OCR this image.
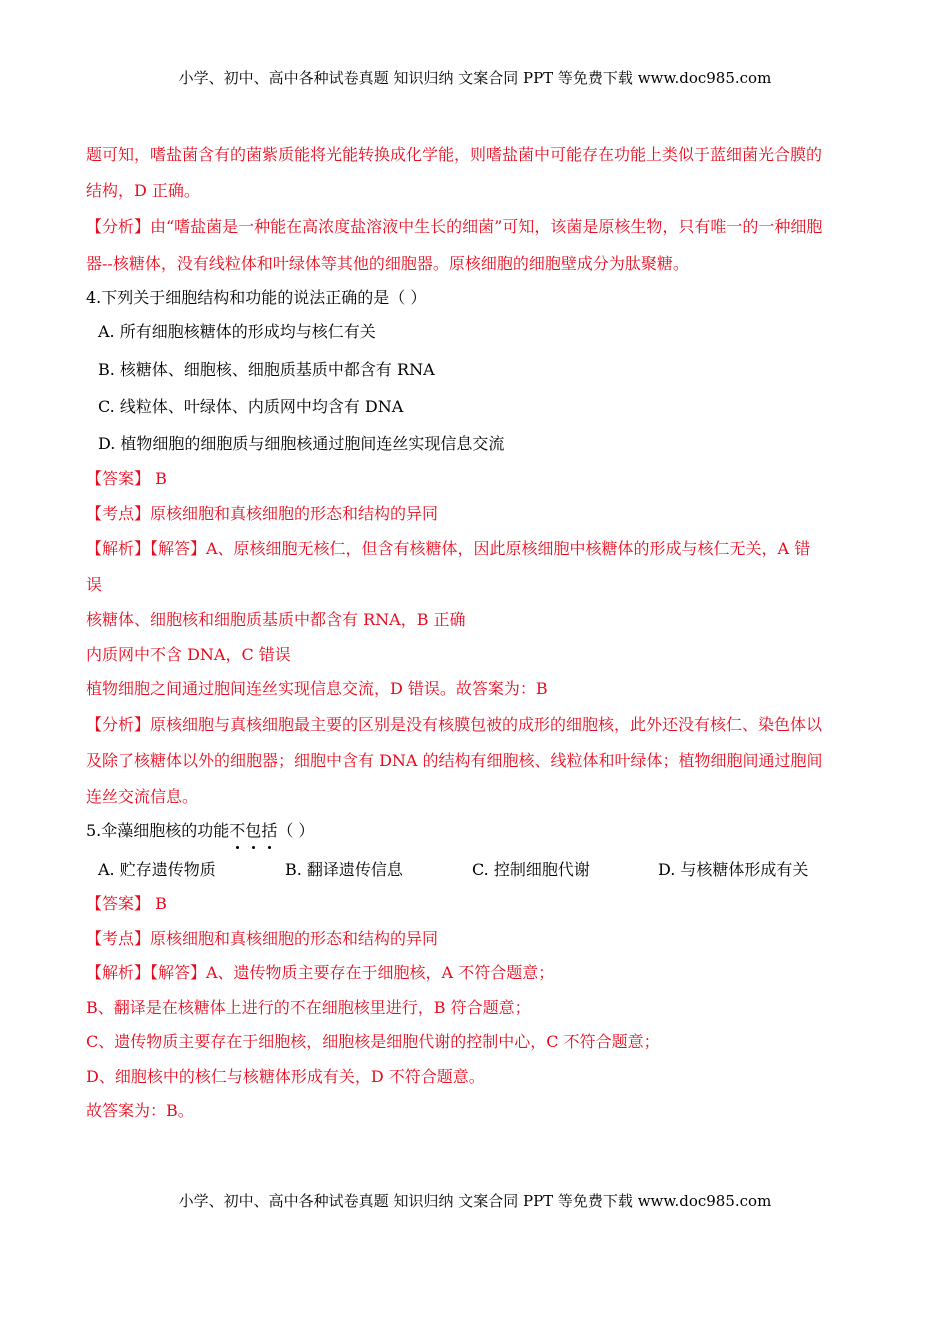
小学、初中、高中各种试卷真题 知识归纳 文案合同 PPT 等免费下载 www.doc985.com
题可知，嗜盐菌含有的菌紫质能将光能转换成化学能，则嗜盐菌中可能存在功能上类似于蓝细菌光合膜的
结构，D 正确。
【分析】由“嗜盐菌是一种能在高浓度盐溶液中生长的细菌”可知，该菌是原核生物，只有唯一的一种细胞
器--核糖体，没有线粒体和叶绿体等其他的细胞器。原核细胞的细胞壁成分为肽聚糖。
4.下列关于细胞结构和功能的说法正确的是（ ）
A. 所有细胞核糖体的形成均与核仁有关
B. 核糖体、细胞核、细胞质基质中都含有 RNA
C. 线粒体、叶绿体、内质网中均含有 DNA
D. 植物细胞的细胞质与细胞核通过胞间连丝实现信息交流
【答案】 B
【考点】原核细胞和真核细胞的形态和结构的异同
【解析】【解答】A、原核细胞无核仁，但含有核糖体，因此原核细胞中核糖体的形成与核仁无关，A 错
误
核糖体、细胞核和细胞质基质中都含有 RNA，B 正确
内质网中不含 DNA，C 错误
植物细胞之间通过胞间连丝实现信息交流，D 错误。故答案为：B
【分析】原核细胞与真核细胞最主要的区别是没有核膜包被的成形的细胞核，此外还没有核仁、染色体以
及除了核糖体以外的细胞器；细胞中含有 DNA 的结构有细胞核、线粒体和叶绿体；植物细胞间通过胞间
连丝交流信息。
5.伞藻细胞核的功能不包括（ ）
A. 贮存遗传物质	B. 翻译遗传信息	C. 控制细胞代谢	D. 与核糖体形成有关
【答案】 B
【考点】原核细胞和真核细胞的形态和结构的异同
【解析】【解答】A、遗传物质主要存在于细胞核，A 不符合题意；
B、翻译是在核糖体上进行的不在细胞核里进行，B 符合题意；
C、遗传物质主要存在于细胞核，细胞核是细胞代谢的控制中心，C 不符合题意；
D、细胞核中的核仁与核糖体形成有关，D 不符合题意。
故答案为：B。
小学、初中、高中各种试卷真题 知识归纳 文案合同 PPT 等免费下载 www.doc985.com
